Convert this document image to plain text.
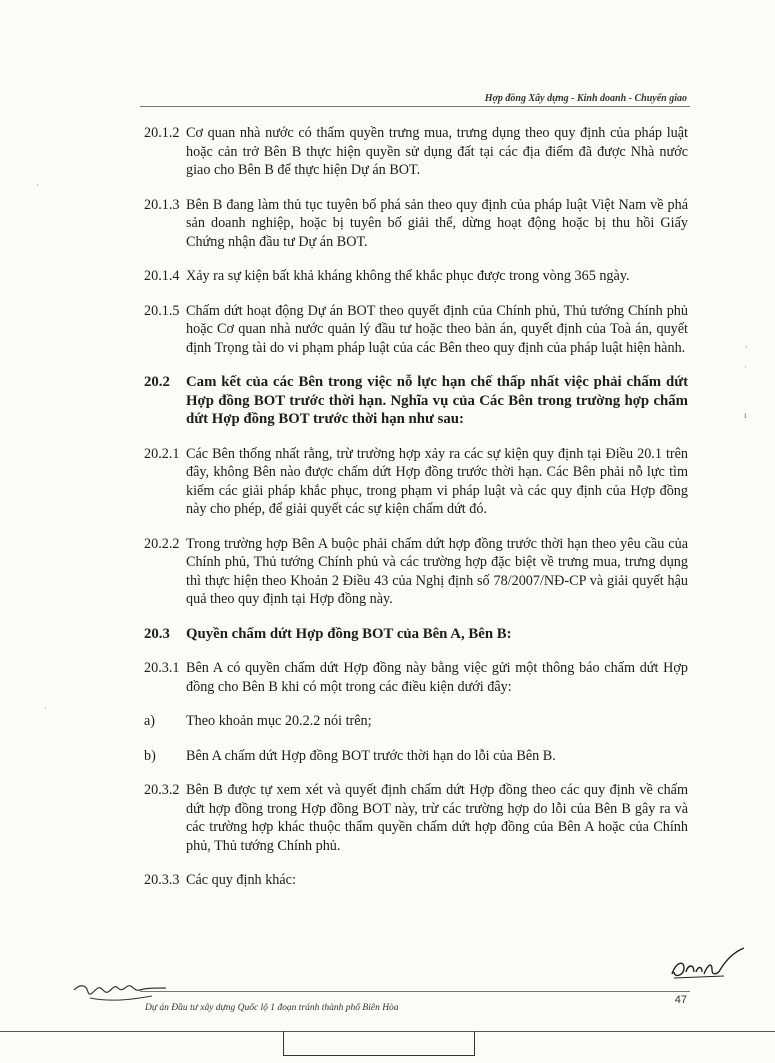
Hợp đồng Xây dựng - Kinh doanh - Chuyển giao
20.1.2 Cơ quan nhà nước có thẩm quyền trưng mua, trưng dụng theo quy định của pháp luật hoặc cản trở Bên B thực hiện quyền sử dụng đất tại các địa điểm đã được Nhà nước giao cho Bên B để thực hiện Dự án BOT.
20.1.3 Bên B đang làm thủ tục tuyên bố phá sản theo quy định của pháp luật Việt Nam về phá sản doanh nghiệp, hoặc bị tuyên bố giải thể, dừng hoạt động hoặc bị thu hồi Giấy Chứng nhận đầu tư Dự án BOT.
20.1.4 Xảy ra sự kiện bất khả kháng không thể khắc phục được trong vòng 365 ngày.
20.1.5 Chấm dứt hoạt động Dự án BOT theo quyết định của Chính phủ, Thủ tướng Chính phủ hoặc Cơ quan nhà nước quản lý đầu tư hoặc theo bản án, quyết định của Toà án, quyết định Trọng tài do vi phạm pháp luật của các Bên theo quy định của pháp luật hiện hành.
20.2	Cam kết của các Bên trong việc nỗ lực hạn chế thấp nhất việc phải chấm dứt Hợp đồng BOT trước thời hạn. Nghĩa vụ của Các Bên trong trường hợp chấm dứt Hợp đồng BOT trước thời hạn như sau:
20.2.1 Các Bên thống nhất rằng, trừ trường hợp xảy ra các sự kiện quy định tại Điều 20.1 trên đây, không Bên nào được chấm dứt Hợp đồng trước thời hạn. Các Bên phải nỗ lực tìm kiếm các giải pháp khắc phục, trong phạm vi pháp luật và các quy định của Hợp đồng này cho phép, để giải quyết các sự kiện chấm dứt đó.
20.2.2 Trong trường hợp Bên A buộc phải chấm dứt hợp đồng trước thời hạn theo yêu cầu của Chính phủ, Thủ tướng Chính phủ và các trường hợp đặc biệt về trưng mua, trưng dụng thì thực hiện theo Khoản 2 Điều 43 của Nghị định số 78/2007/NĐ-CP và giải quyết hậu quả theo quy định tại Hợp đồng này.
20.3	Quyền chấm dứt Hợp đồng BOT của Bên A, Bên B:
20.3.1 Bên A có quyền chấm dứt Hợp đồng này bằng việc gửi một thông báo chấm dứt Hợp đồng cho Bên B khi có một trong các điều kiện dưới đây:
a)	Theo khoản mục 20.2.2 nói trên;
b)	Bên A chấm dứt Hợp đồng BOT trước thời hạn do lỗi của Bên B.
20.3.2 Bên B được tự xem xét và quyết định chấm dứt Hợp đồng theo các quy định về chấm dứt hợp đồng trong Hợp đồng BOT này, trừ các trường hợp do lỗi của Bên B gây ra và các trường hợp khác thuộc thẩm quyền chấm dứt hợp đồng của Bên A hoặc của Chính phủ, Thủ tướng Chính phủ.
20.3.3 Các quy định khác:
·
ı
·
·
·
Dự án Đầu tư xây dựng Quốc lộ 1 đoạn tránh thành phố Biên Hòa
47
